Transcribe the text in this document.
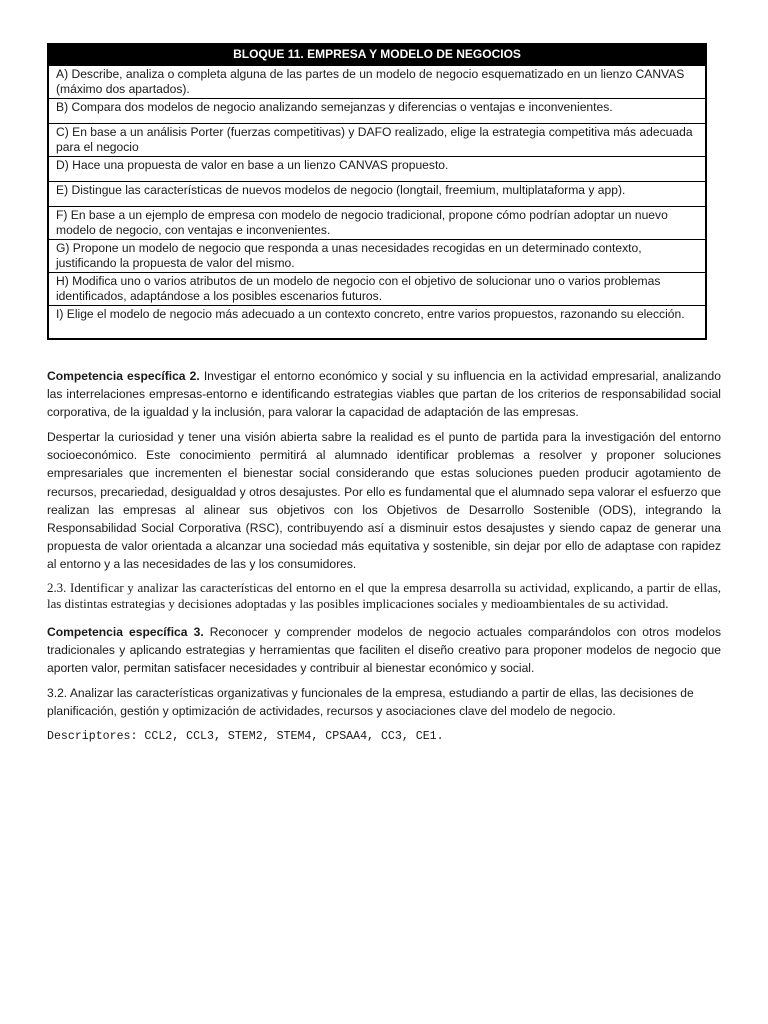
BLOQUE 11. EMPRESA Y MODELO DE NEGOCIOS
A) Describe, analiza o completa alguna de las partes de un modelo de negocio esquematizado en un lienzo CANVAS (máximo dos apartados).
B) Compara dos modelos de negocio analizando semejanzas y diferencias o ventajas e inconvenientes.
C) En base a un análisis Porter (fuerzas competitivas) y DAFO realizado, elige la estrategia competitiva más adecuada para el negocio
D) Hace una propuesta de valor en base a un lienzo CANVAS propuesto.
E) Distingue las características de nuevos modelos de negocio (longtail, freemium, multiplataforma y app).
F) En base a un ejemplo de empresa con modelo de negocio tradicional, propone cómo podrían adoptar un nuevo modelo de negocio, con ventajas e inconvenientes.
G) Propone un modelo de negocio que responda a unas necesidades recogidas en un determinado contexto, justificando la propuesta de valor del mismo.
H) Modifica uno o varios atributos de un modelo de negocio con el objetivo de solucionar uno o varios problemas identificados, adaptándose a los posibles escenarios futuros.
I) Elige el modelo de negocio más adecuado a un contexto concreto, entre varios propuestos, razonando su elección.

Competencia específica 2. Investigar el entorno económico y social y su influencia en la actividad empresarial, analizando las interrelaciones empresas-entorno e identificando estrategias viables que partan de los criterios de responsabilidad social corporativa, de la igualdad y la inclusión, para valorar la capacidad de adaptación de las empresas.

Despertar la curiosidad y tener una visión abierta sabre la realidad es el punto de partida para la investigación del entorno socioeconómico. Este conocimiento permitirá al alumnado identificar problemas a resolver y proponer soluciones empresariales que incrementen el bienestar social considerando que estas soluciones pueden producir agotamiento de recursos, precariedad, desigualdad y otros desajustes. Por ello es fundamental que el alumnado sepa valorar el esfuerzo que realizan las empresas al alinear sus objetivos con los Objetivos de Desarrollo Sostenible (ODS), integrando la Responsabilidad Social Corporativa (RSC), contribuyendo así a disminuir estos desajustes y siendo capaz de generar una propuesta de valor orientada a alcanzar una sociedad más equitativa y sostenible, sin dejar por ello de adaptase con rapidez al entorno y a las necesidades de las y los consumidores.

2.3. Identificar y analizar las características del entorno en el que la empresa desarrolla su actividad, explicando, a partir de ellas, las distintas estrategias y decisiones adoptadas y las posibles implicaciones sociales y medioambientales de su actividad.

Competencia específica 3. Reconocer y comprender modelos de negocio actuales comparándolos con otros modelos tradicionales y aplicando estrategias y herramientas que faciliten el diseño creativo para proponer modelos de negocio que aporten valor, permitan satisfacer necesidades y contribuir al bienestar económico y social.

3.2. Analizar las características organizativas y funcionales de la empresa, estudiando a partir de ellas, las decisiones de planificación, gestión y optimización de actividades, recursos y asociaciones clave del modelo de negocio.

Descriptores: CCL2, CCL3, STEM2, STEM4, CPSAA4, CC3, CE1.
